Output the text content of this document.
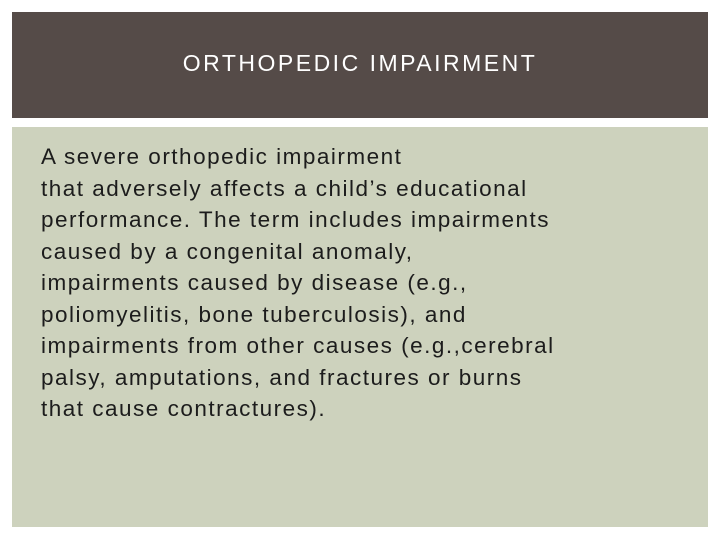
ORTHOPEDIC IMPAIRMENT

A severe orthopedic impairment
that adversely affects a child’s educational
performance. The term includes impairments
caused by a congenital anomaly,
impairments caused by disease (e.g.,
poliomyelitis, bone tuberculosis), and
impairments from other causes (e.g.,cerebral
palsy, amputations, and fractures or burns
that cause contractures).
